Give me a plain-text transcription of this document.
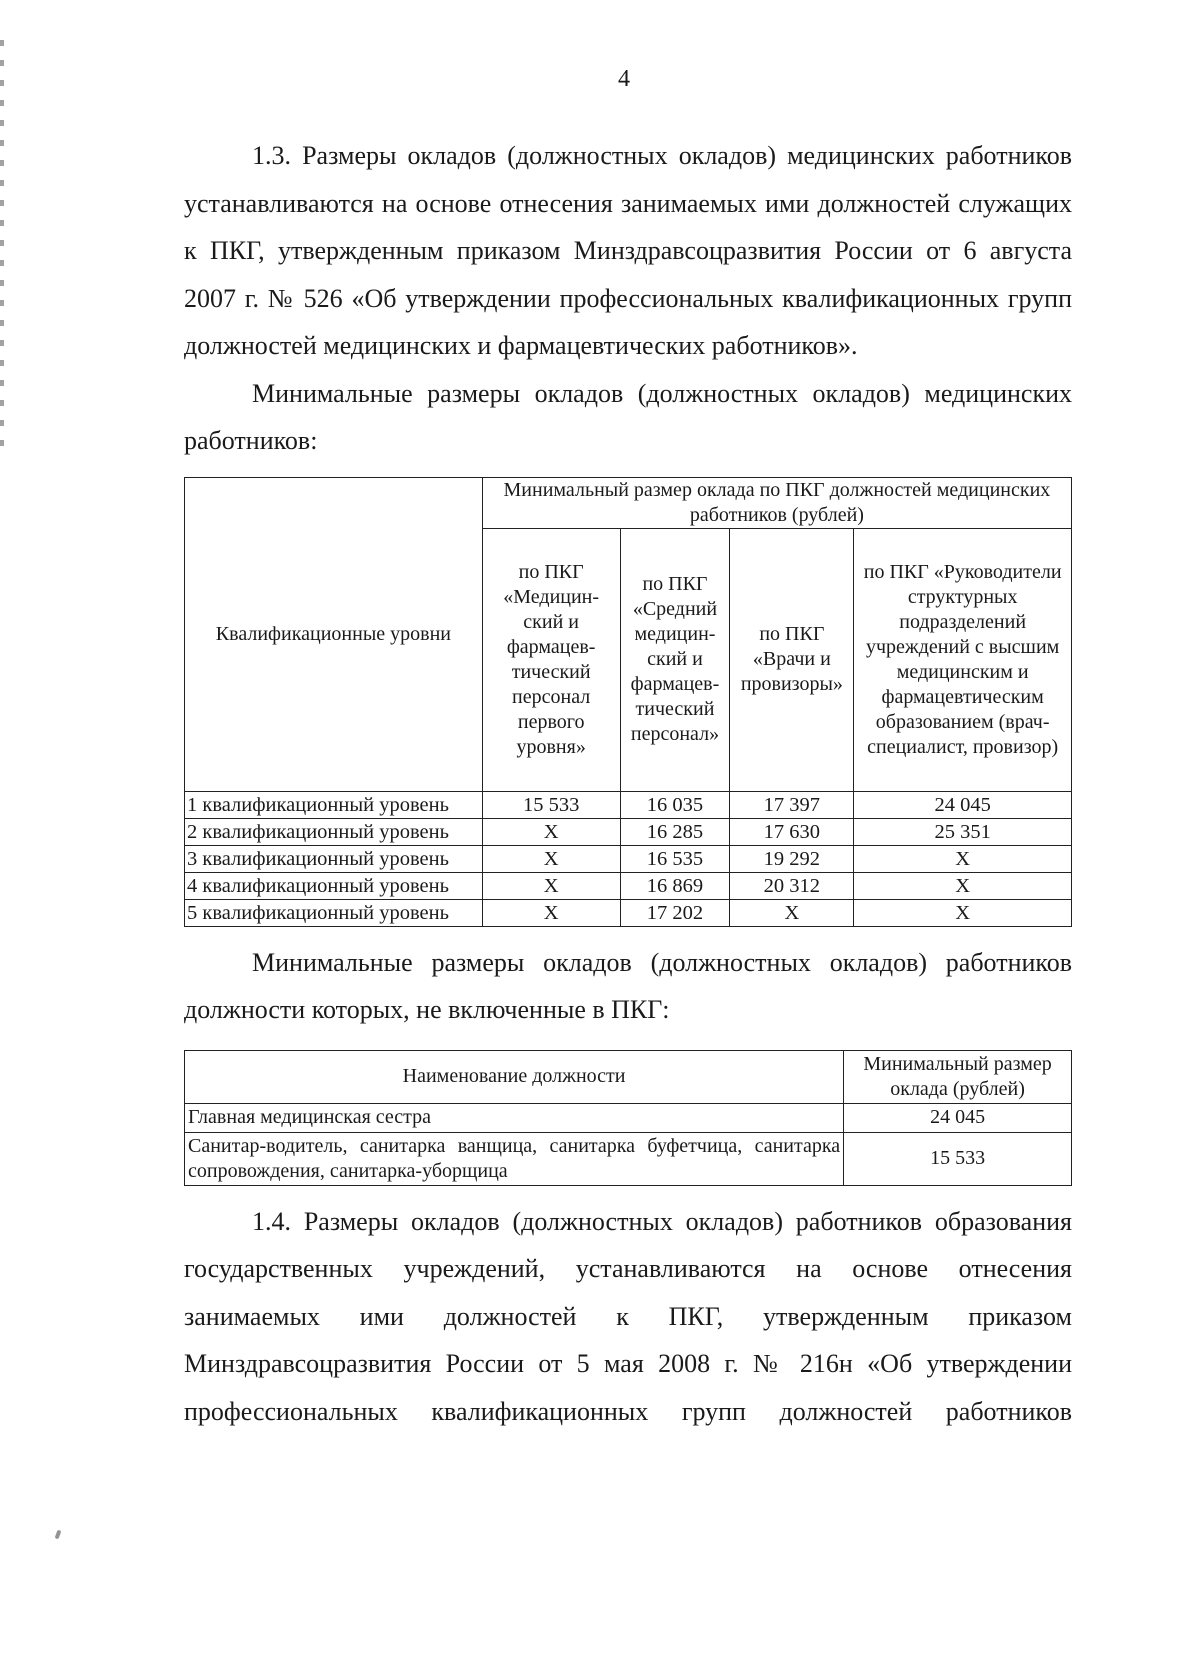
4

1.3. Размеры окладов (должностных окладов) медицинских работников устанавливаются на основе отнесения занимаемых ими должностей служащих к ПКГ, утвержденным приказом Минздравсоцразвития России от 6 августа 2007 г. № 526 «Об утверждении профессиональных квалификационных групп должностей медицинских и фармацевтических работников».

Минимальные размеры окладов (должностных окладов) медицинских работников:

Квалификационные уровни	Минимальный размер оклада по ПКГ должностей медицинских работников (рублей)			
	по ПКГ «Медицин-ский и фармацев-тический персонал первого уровня»	по ПКГ «Средний медицин-ский и фармацев-тический персонал»	по ПКГ «Врачи и провизоры»	по ПКГ «Руководители структурных подразделений учреждений с высшим медицинским и фармацевтическим образованием (врач-специалист, провизор)
1 квалификационный уровень	15 533	16 035	17 397	24 045
2 квалификационный уровень	Х	16 285	17 630	25 351
3 квалификационный уровень	Х	16 535	19 292	Х
4 квалификационный уровень	Х	16 869	20 312	Х
5 квалификационный уровень	Х	17 202	Х	Х

Минимальные размеры окладов (должностных окладов) работников должности которых, не включенные в ПКГ:

Наименование должности	Минимальный размер оклада (рублей)
Главная медицинская сестра	24 045
Санитар-водитель, санитарка ванщица, санитарка буфетчица, санитарка сопровождения, санитарка-уборщица	15 533

1.4. Размеры окладов (должностных окладов) работников образования государственных учреждений, устанавливаются на основе отнесения занимаемых ими должностей к ПКГ, утвержденным приказом Минздравсоцразвития России от 5 мая 2008 г. № 216н «Об утверждении профессиональных квалификационных групп должностей работников
